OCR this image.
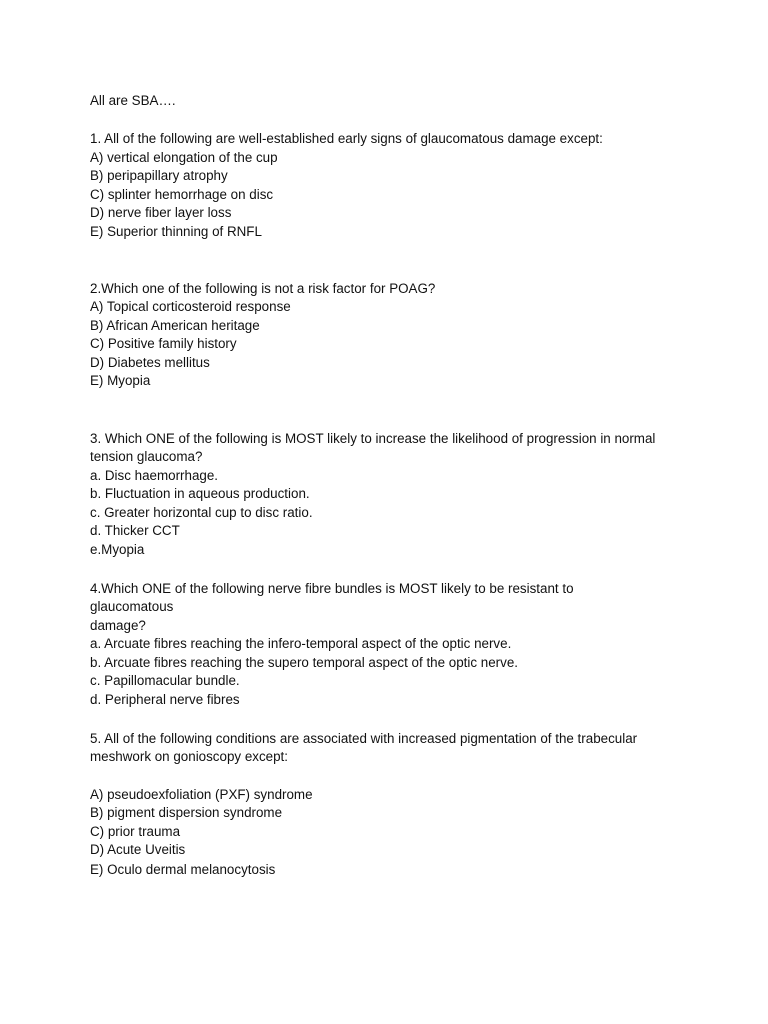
All are SBA….
1. All of the following are well-established early signs of glaucomatous damage except:
A) vertical elongation of the cup
B) peripapillary atrophy
C) splinter hemorrhage on disc
D) nerve fiber layer loss
E) Superior thinning of RNFL
2.Which one of the following is not a risk factor for POAG?
A) Topical corticosteroid response
B) African American heritage
C) Positive family history
D) Diabetes mellitus
E) Myopia
3. Which ONE of the following is MOST likely to increase the likelihood of progression in normal
tension glaucoma?
a. Disc haemorrhage.
b. Fluctuation in aqueous production.
c. Greater horizontal cup to disc ratio.
d. Thicker CCT
e.Myopia
4.Which ONE of the following nerve fibre bundles is MOST likely to be resistant to
glaucomatous
damage?
a. Arcuate fibres reaching the infero-temporal aspect of the optic nerve.
b. Arcuate fibres reaching the supero temporal aspect of the optic nerve.
c. Papillomacular bundle.
d. Peripheral nerve fibres
5. All of the following conditions are associated with increased pigmentation of the trabecular
meshwork on gonioscopy except:
A) pseudoexfoliation (PXF) syndrome
B) pigment dispersion syndrome
C) prior trauma
D) Acute Uveitis
E) Oculo dermal melanocytosis
